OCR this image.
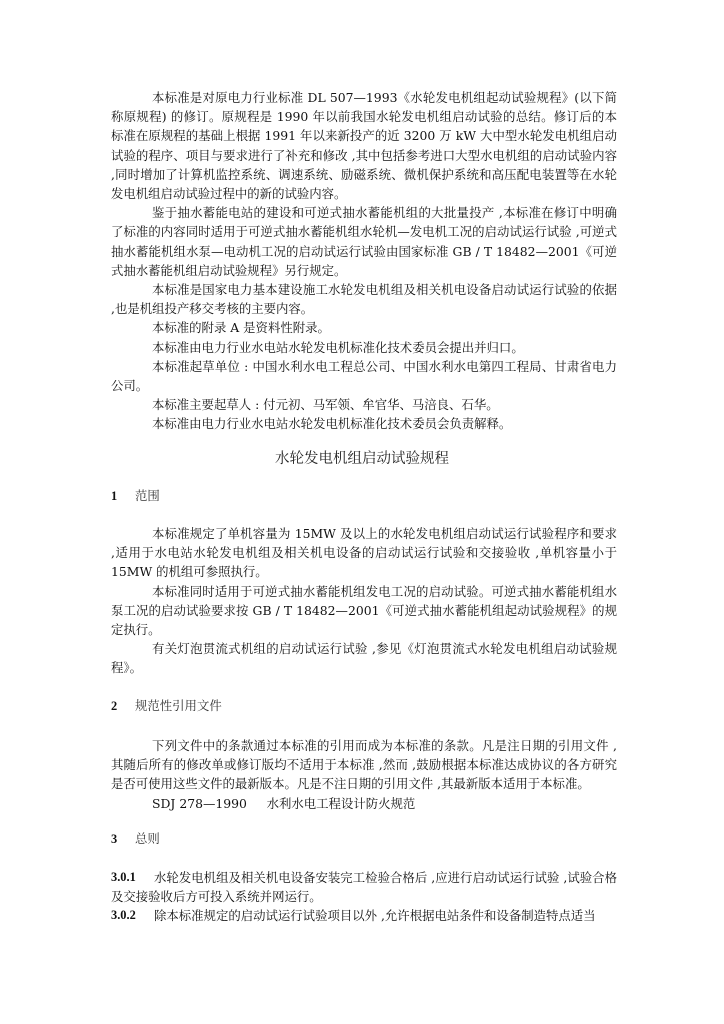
本标准是对原电力行业标准 DL 507—1993《水轮发电机组起动试验规程》(以下简称原规程) 的修订。原规程是 1990 年以前我国水轮发电机组启动试验的总结。修订后的本标准在原规程的基础上根据 1991 年以来新投产的近 3200 万 kW 大中型水轮发电机组启动试验的程序、项目与要求进行了补充和修改 ,其中包括参考进口大型水电机组的启动试验内容 ,同时增加了计算机监控系统、调速系统、励磁系统、微机保护系统和高压配电装置等在水轮发电机组启动试验过程中的新的试验内容。

鉴于抽水蓄能电站的建设和可逆式抽水蓄能机组的大批量投产 ,本标准在修订中明确了标准的内容同时适用于可逆式抽水蓄能机组水轮机—发电机工况的启动试运行试验 ,可逆式抽水蓄能机组水泵—电动机工况的启动试运行试验由国家标准 GB / T 18482—2001《可逆式抽水蓄能机组启动试验规程》另行规定。

本标准是国家电力基本建设施工水轮发电机组及相关机电设备启动试运行试验的依据 ,也是机组投产移交考核的主要内容。

本标准的附录 A 是资料性附录。

本标准由电力行业水电站水轮发电机标准化技术委员会提出并归口。

本标准起草单位 : 中国水利水电工程总公司、中国水利水电第四工程局、甘肃省电力公司。

本标准主要起草人 : 付元初、马军领、牟官华、马涪良、石华。

本标准由电力行业水电站水轮发电机标准化技术委员会负责解释。

水轮发电机组启动试验规程
1 范围

本标准规定了单机容量为 15MW 及以上的水轮发电机组启动试运行试验程序和要求 ,适用于水电站水轮发电机组及相关机电设备的启动试运行试验和交接验收 ,单机容量小于 15MW 的机组可参照执行。

本标准同时适用于可逆式抽水蓄能机组发电工况的启动试验。可逆式抽水蓄能机组水泵工况的启动试验要求按 GB / T 18482—2001《可逆式抽水蓄能机组起动试验规程》的规定执行。

有关灯泡贯流式机组的启动试运行试验 ,参见《灯泡贯流式水轮发电机组启动试验规程》。

2 规范性引用文件

下列文件中的条款通过本标准的引用而成为本标准的条款。凡是注日期的引用文件 ,其随后所有的修改单或修订版均不适用于本标准 ,然而 ,鼓励根据本标准达成协议的各方研究是否可使用这些文件的最新版本。凡是不注日期的引用文件 ,其最新版本适用于本标准。

SDJ 278—1990     水利水电工程设计防火规范

3 总则

3.0.1 水轮发电机组及相关机电设备安装完工检验合格后 ,应进行启动试运行试验 ,试验合格及交接验收后方可投入系统并网运行。

3.0.2 除本标准规定的启动试运行试验项目以外 ,允许根据电站条件和设备制造特点适当
